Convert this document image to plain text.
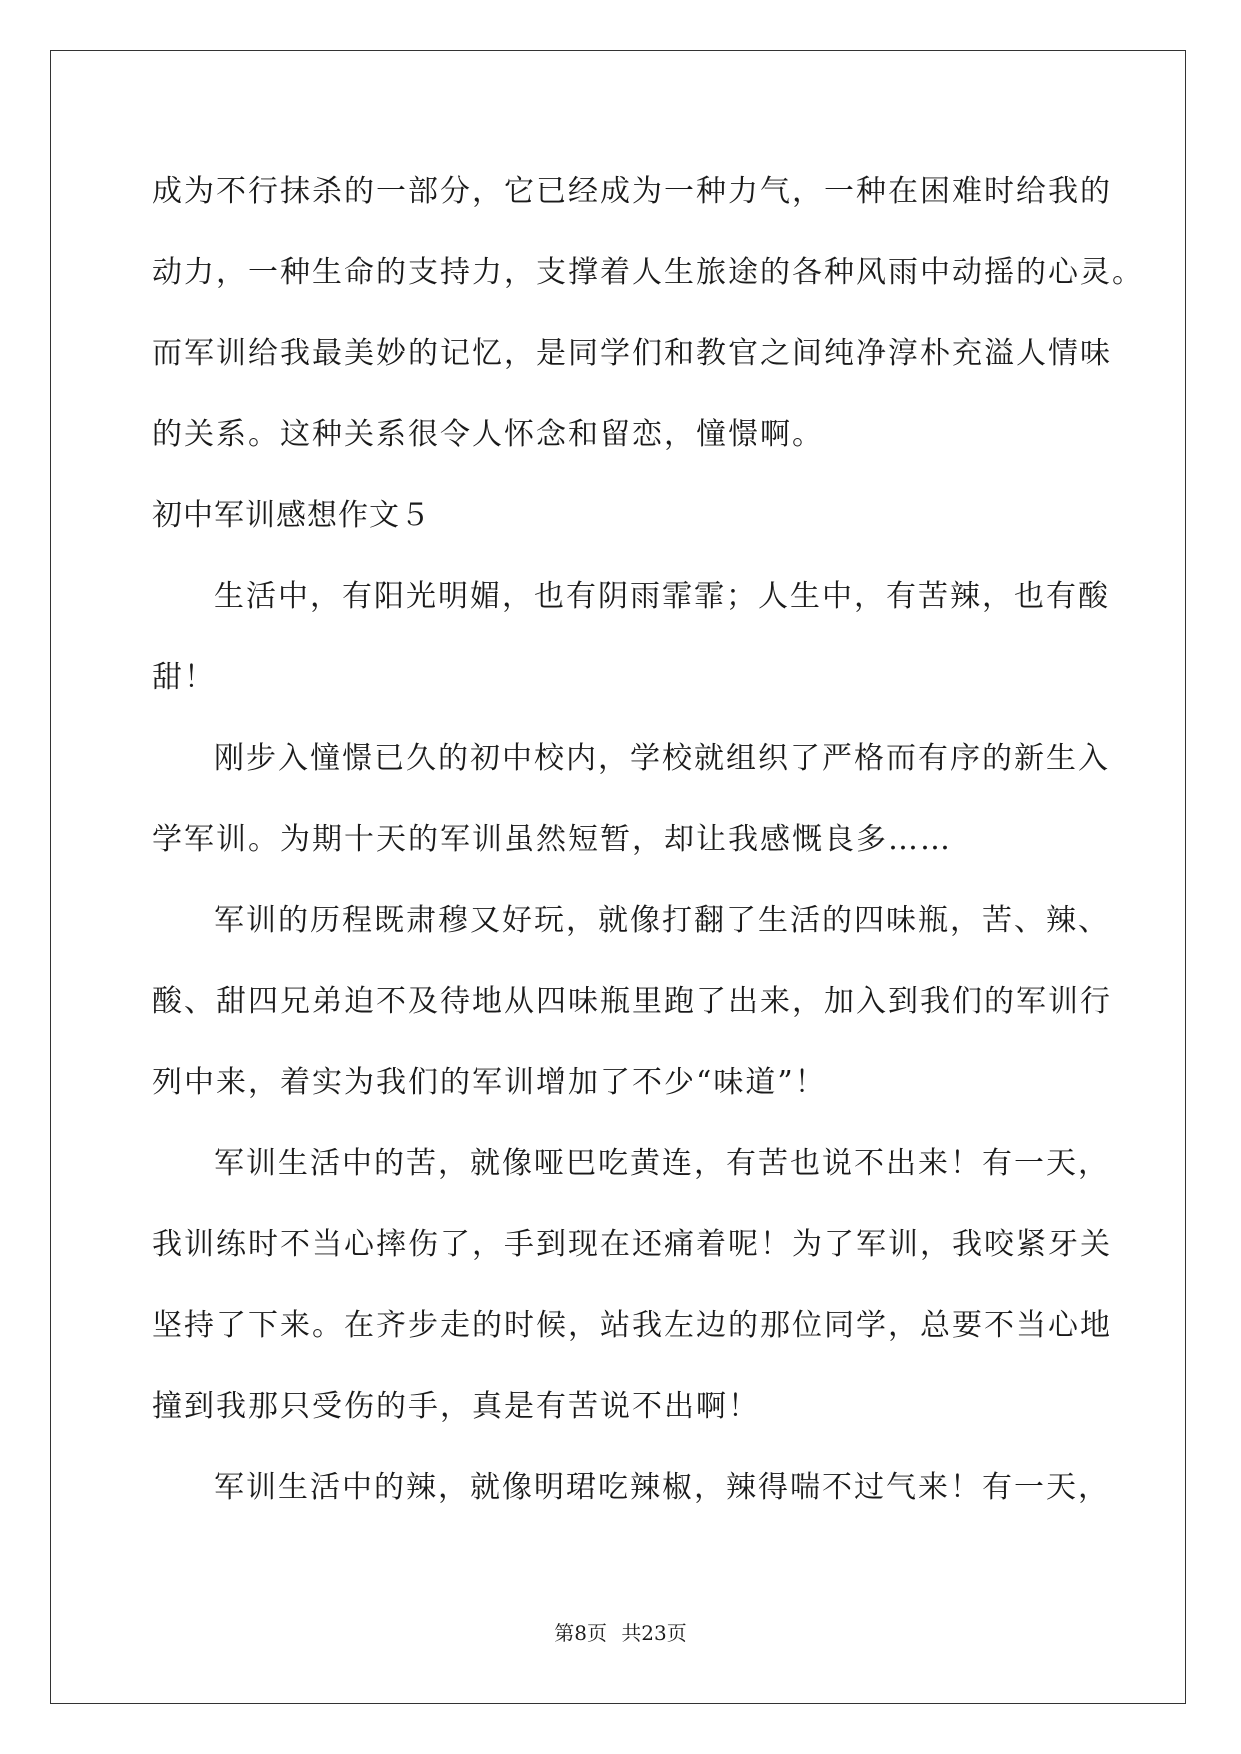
成为不行抹杀的一部分，它已经成为一种力气，一种在困难时给我的
动力，一种生命的支持力，支撑着人生旅途的各种风雨中动摇的心灵。
而军训给我最美妙的记忆，是同学们和教官之间纯净淳朴充溢人情味
的关系。这种关系很令人怀念和留恋，憧憬啊。
初中军训感想作文５
生活中，有阳光明媚，也有阴雨霏霏；人生中，有苦辣，也有酸
甜！
刚步入憧憬已久的初中校内，学校就组织了严格而有序的新生入
学军训。为期十天的军训虽然短暂，却让我感慨良多……
军训的历程既肃穆又好玩，就像打翻了生活的四味瓶，苦、辣、
酸、甜四兄弟迫不及待地从四味瓶里跑了出来，加入到我们的军训行
列中来，着实为我们的军训增加了不少“味道”！
军训生活中的苦，就像哑巴吃黄连，有苦也说不出来！有一天，
我训练时不当心摔伤了，手到现在还痛着呢！为了军训，我咬紧牙关
坚持了下来。在齐步走的时候，站我左边的那位同学，总要不当心地
撞到我那只受伤的手，真是有苦说不出啊！
军训生活中的辣，就像明珺吃辣椒，辣得喘不过气来！有一天，
第8页 共23页
